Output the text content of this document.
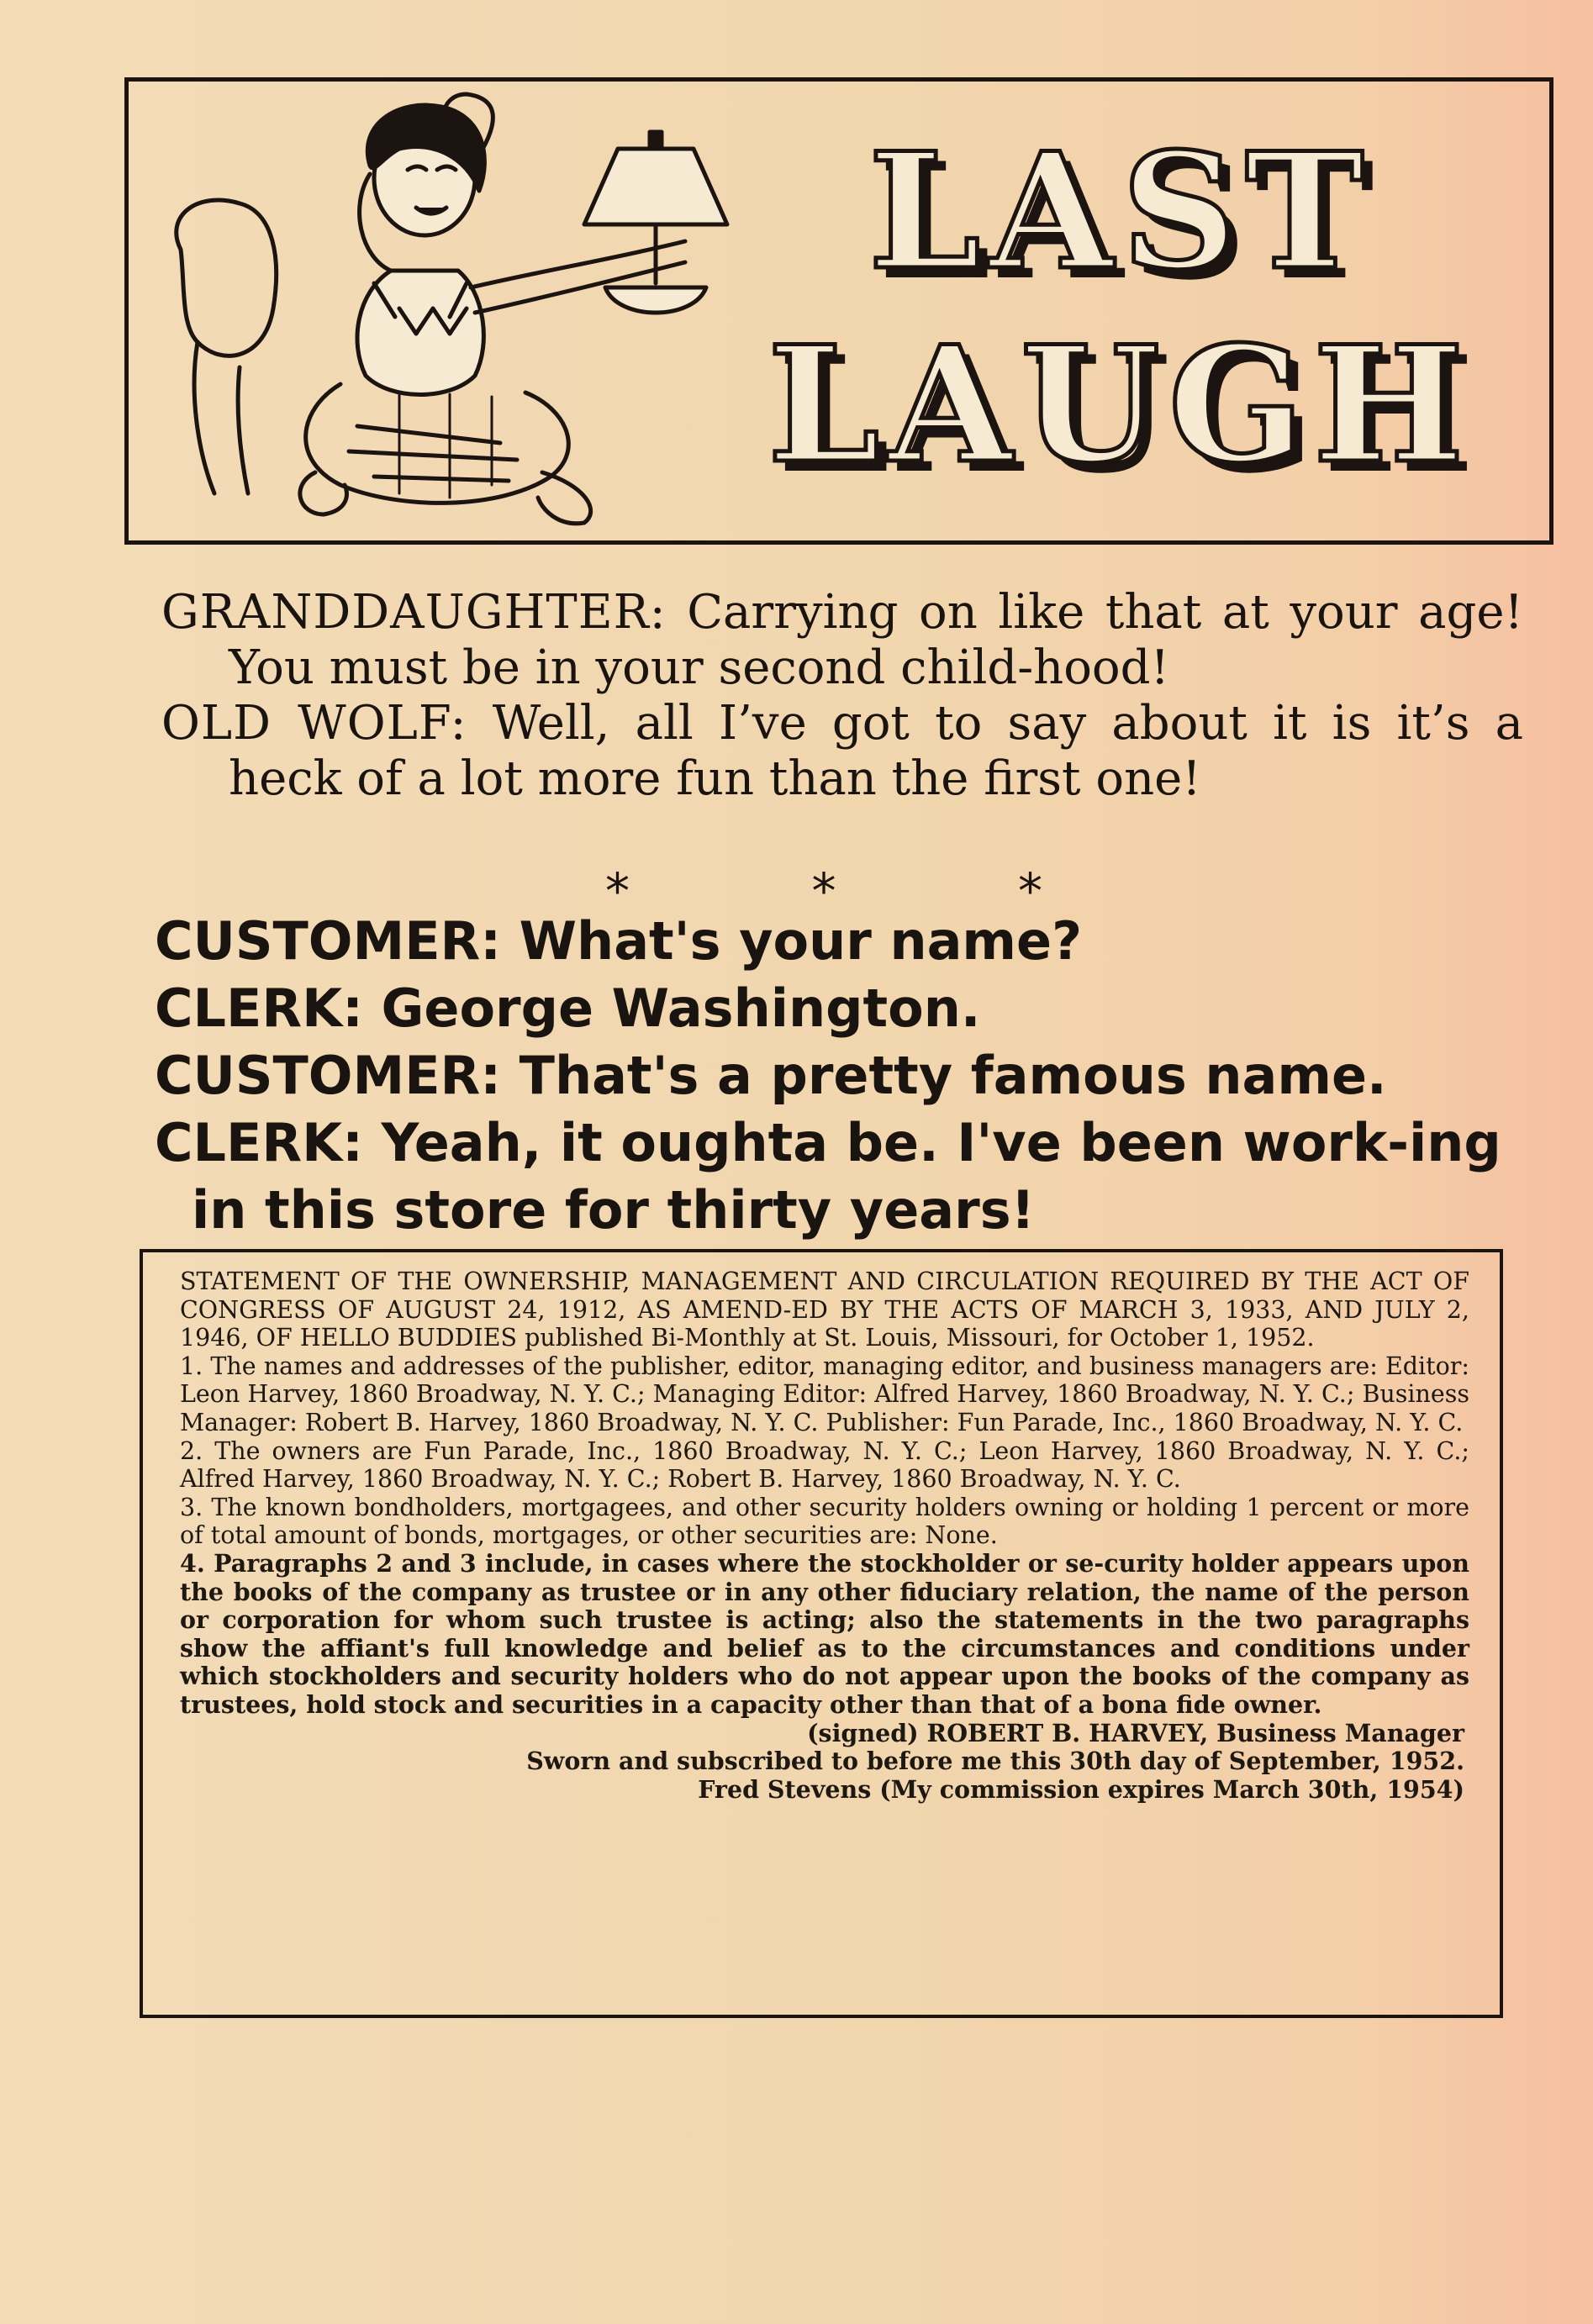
LAST
LAUGH

GRANDDAUGHTER: Carrying on like that at your age! You must be in your second child-hood!

OLD WOLF: Well, all I’ve got to say about it is it’s a heck of a lot more fun than the first one!

*	*	*

CUSTOMER: What's your name?

CLERK: George Washington.

CUSTOMER: That's a pretty famous name.

CLERK: Yeah, it oughta be. I've been work-ing in this store for thirty years!

STATEMENT OF THE OWNERSHIP, MANAGEMENT AND CIRCULATION REQUIRED BY THE ACT OF CONGRESS OF AUGUST 24, 1912, AS AMEND-ED BY THE ACTS OF MARCH 3, 1933, AND JULY 2, 1946, OF HELLO BUDDIES published Bi-Monthly at St. Louis, Missouri, for October 1, 1952.

1. The names and addresses of the publisher, editor, managing editor, and business managers are: Editor: Leon Harvey, 1860 Broadway, N. Y. C.; Managing Editor: Alfred Harvey, 1860 Broadway, N. Y. C.; Business Manager: Robert B. Harvey, 1860 Broadway, N. Y. C. Publisher: Fun Parade, Inc., 1860 Broadway, N. Y. C.

2. The owners are Fun Parade, Inc., 1860 Broadway, N. Y. C.; Leon Harvey, 1860 Broadway, N. Y. C.; Alfred Harvey, 1860 Broadway, N. Y. C.; Robert B. Harvey, 1860 Broadway, N. Y. C.

3. The known bondholders, mortgagees, and other security holders owning or holding 1 percent or more of total amount of bonds, mortgages, or other securities are: None.

4. Paragraphs 2 and 3 include, in cases where the stockholder or se-curity holder appears upon the books of the company as trustee or in any other fiduciary relation, the name of the person or corporation for whom such trustee is acting; also the statements in the two paragraphs show the affiant's full knowledge and belief as to the circumstances and conditions under which stockholders and security holders who do not appear upon the books of the company as trustees, hold stock and securities in a capacity other than that of a bona fide owner.

(signed) ROBERT B. HARVEY, Business Manager

Sworn and subscribed to before me this 30th day of September, 1952.

Fred Stevens (My commission expires March 30th, 1954)
